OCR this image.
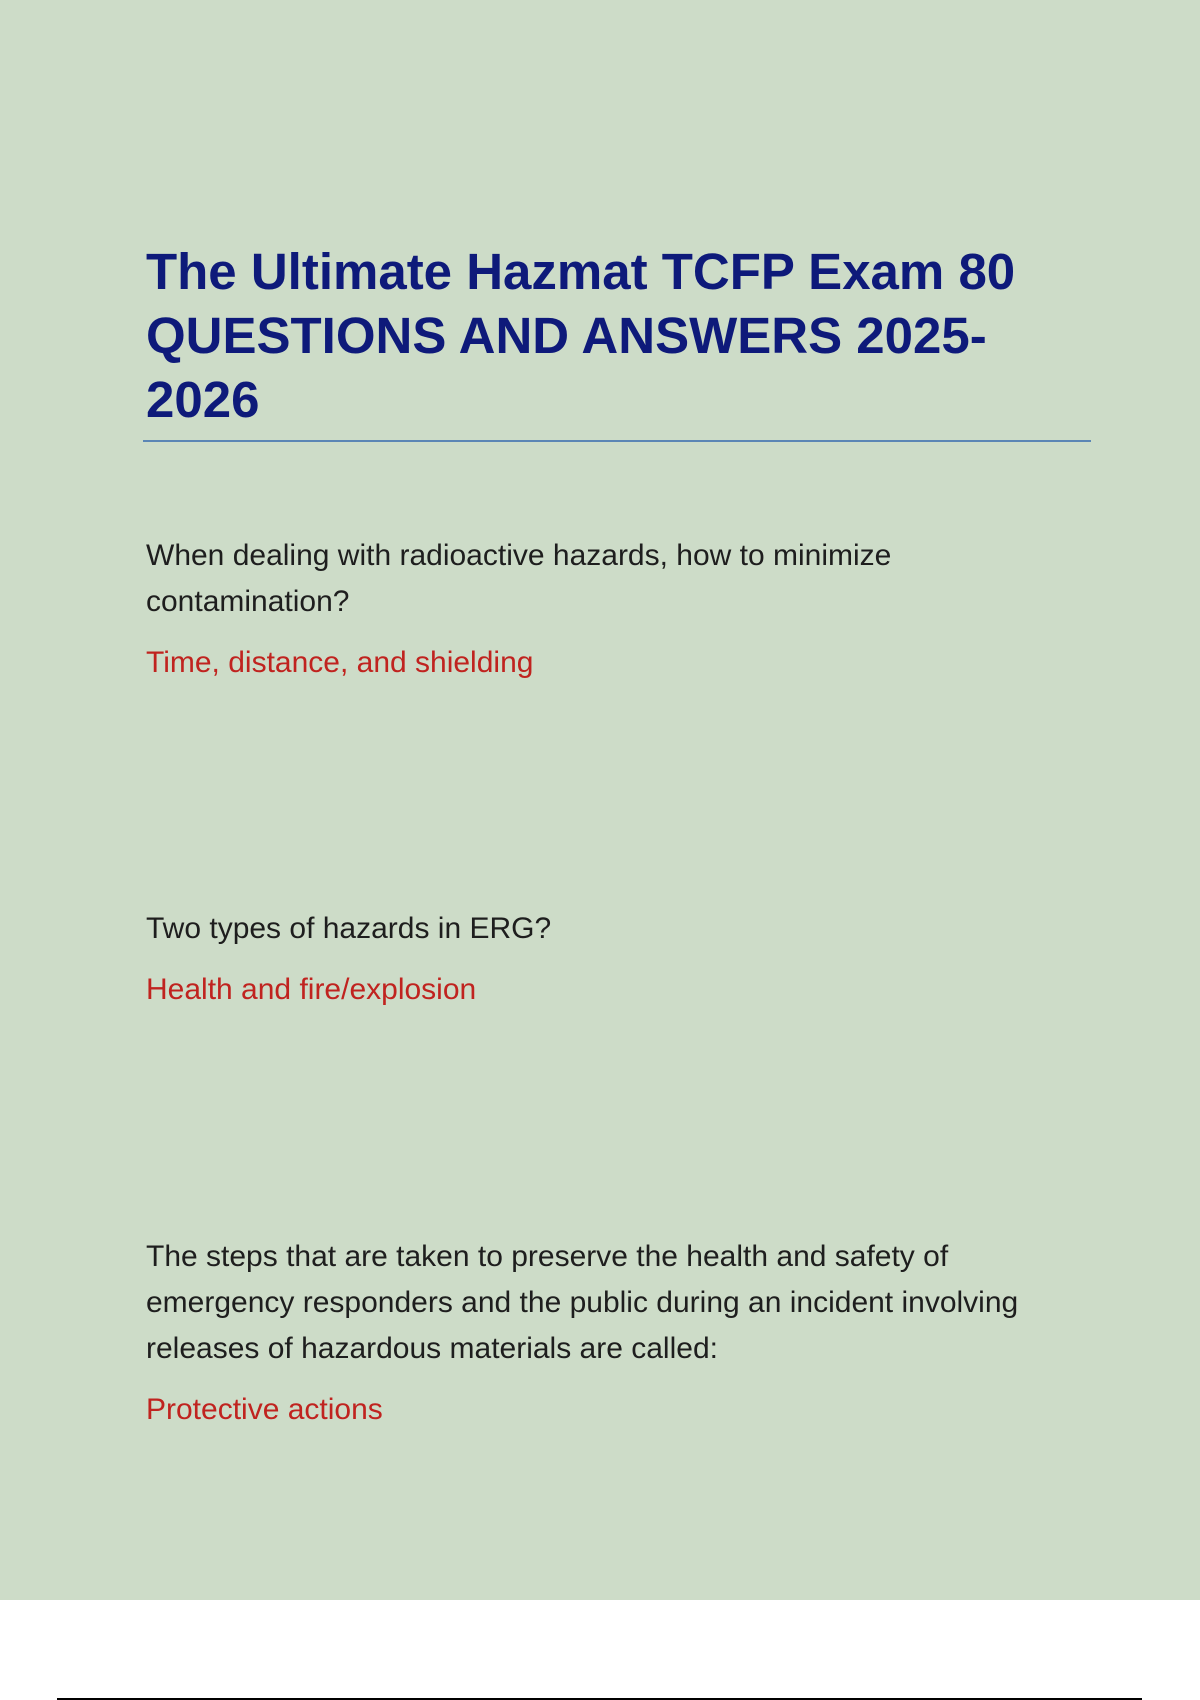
The Ultimate Hazmat TCFP Exam 80 QUESTIONS AND ANSWERS 2025-2026

When dealing with radioactive hazards, how to minimize contamination?

Time, distance, and shielding

Two types of hazards in ERG?

Health and fire/explosion

The steps that are taken to preserve the health and safety of emergency responders and the public during an incident involving releases of hazardous materials are called:

Protective actions
